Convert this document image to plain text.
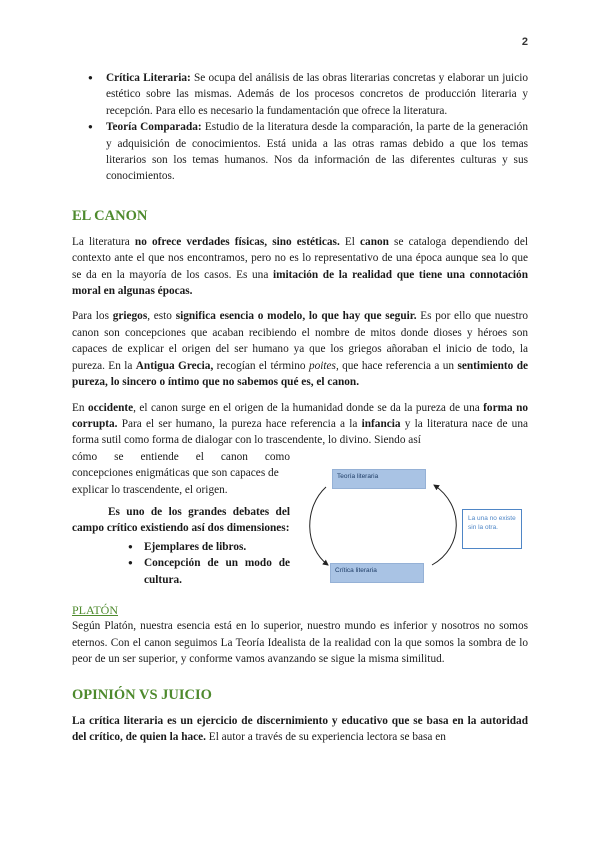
2
● Crítica Literaria: Se ocupa del análisis de las obras literarias concretas y elaborar un juicio estético sobre las mismas. Además de los procesos concretos de producción literaria y recepción. Para ello es necesario la fundamentación que ofrece la literatura.
● Teoría Comparada: Estudio de la literatura desde la comparación, la parte de la generación y adquisición de conocimientos. Está unida a las otras ramas debido a que los temas literarios son los temas humanos. Nos da información de las diferentes culturas y sus conocimientos.
EL CANON

La literatura no ofrece verdades físicas, sino estéticas. El canon se cataloga dependiendo del contexto ante el que nos encontramos, pero no es lo representativo de una época aunque sea lo que se da en la mayoría de los casos. Es una imitación de la realidad que tiene una connotación moral en algunas épocas.

Para los griegos, esto significa esencia o modelo, lo que hay que seguir. Es por ello que nuestro canon son concepciones que acaban recibiendo el nombre de mitos donde dioses y héroes son capaces de explicar el origen del ser humano ya que los griegos añoraban el inicio de todo, la pureza. En la Antigua Grecia, recogían el término poites, que hace referencia a un sentimiento de pureza, lo sincero o íntimo que no sabemos qué es, el canon.

En occidente, el canon surge en el origen de la humanidad donde se da la pureza de una forma no corrupta. Para el ser humano, la pureza hace referencia a la infancia y la literatura nace de una forma sutil como forma de dialogar con lo trascendente, lo divino. Siendo así

cómo se entiende el canon como
concepciones enigmáticas que son capaces de explicar lo trascendente, el origen.
Es uno de los grandes debates del campo crítico existiendo así dos dimensiones:
● Ejemplares de libros.
● Concepción de un modo de cultura.
Teoría literaria
Crítica literaria
La una no existe sin la otra.
PLATÓN

Según Platón, nuestra esencia está en lo superior, nuestro mundo es inferior y nosotros no somos eternos. Con el canon seguimos La Teoría Idealista de la realidad con la que somos la sombra de lo peor de un ser superior, y conforme vamos avanzando se sigue la misma similitud.

OPINIÓN VS JUICIO

La crítica literaria es un ejercicio de discernimiento y educativo que se basa en la autoridad del crítico, de quien la hace. El autor a través de su experiencia lectora se basa en
